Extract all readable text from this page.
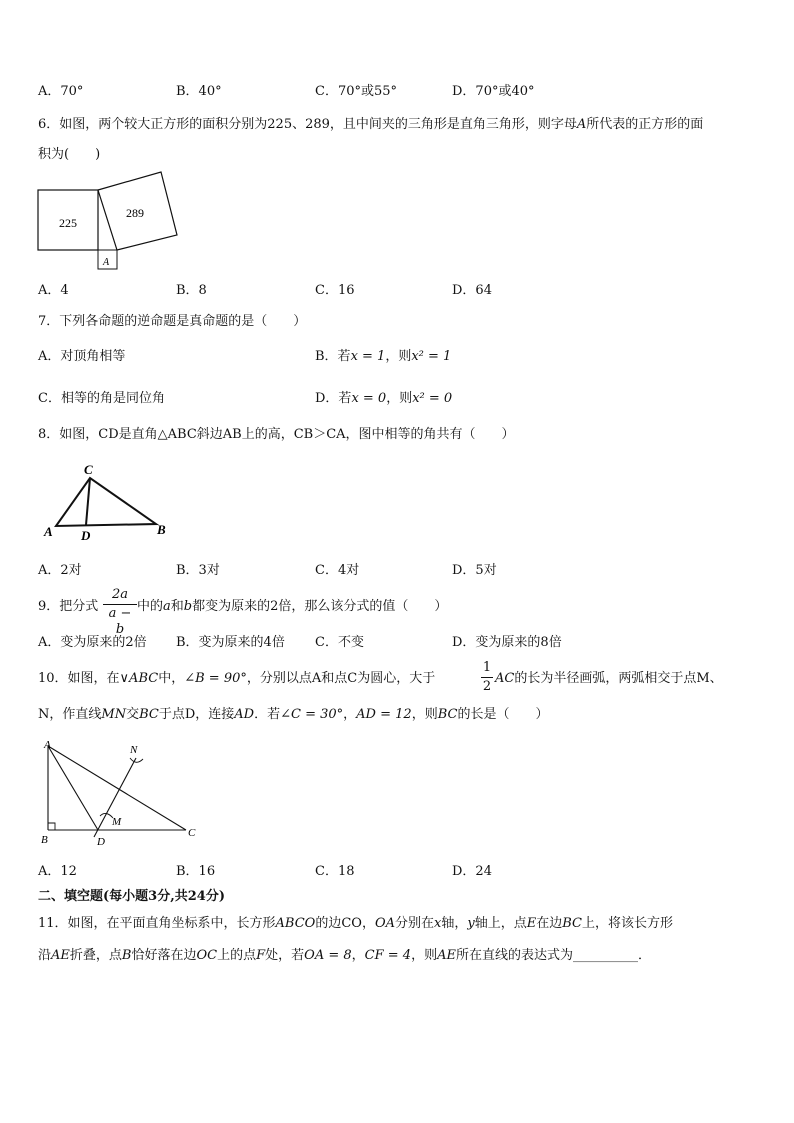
A．70°	B．40°	C．70°或55°	D．70°或40°
6．如图，两个较大正方形的面积分别为225、289，且中间夹的三角形是直角三角形，则字母A所代表的正方形的面
积为(　　)
225
289
A
A．4	B．8	C．16	D．64
7．下列各命题的逆命题是真命题的是（　　）
A．对顶角相等	B．若x = 1，则x² = 1
C．相等的角是同位角	D．若x = 0，则x² = 0
8．如图，CD是直角△ABC斜边AB上的高，CB＞CA，图中相等的角共有（　　）
C
A D	B
A．2对	B．3对	C．4对	D．5对
9．把分式
2a
a − b
中的a和b都变为原来的2倍，那么该分式的值（　　）
A．变为原来的2倍 B．变为原来的4倍 C．不变	D．变为原来的8倍
10．如图，在∨ABC中，∠B = 90°，分别以点A和点C为圆心，大于
1
2
AC的长为半径画弧，两弧相交于点M、
N，作直线MN交BC于点D，连接AD．若∠C = 30°，AD = 12，则BC的长是（　　）
A	N
M
B	D
C
A．12	B．16	C．18	D．24
二、填空题(每小题3分,共24分)
11．如图，在平面直角坐标系中，长方形ABCO的边CO，OA分别在x轴，y轴上，点E在边BC上，将该长方形
沿AE折叠，点B恰好落在边OC上的点F处，若OA = 8，CF = 4，则AE所在直线的表达式为__________．
